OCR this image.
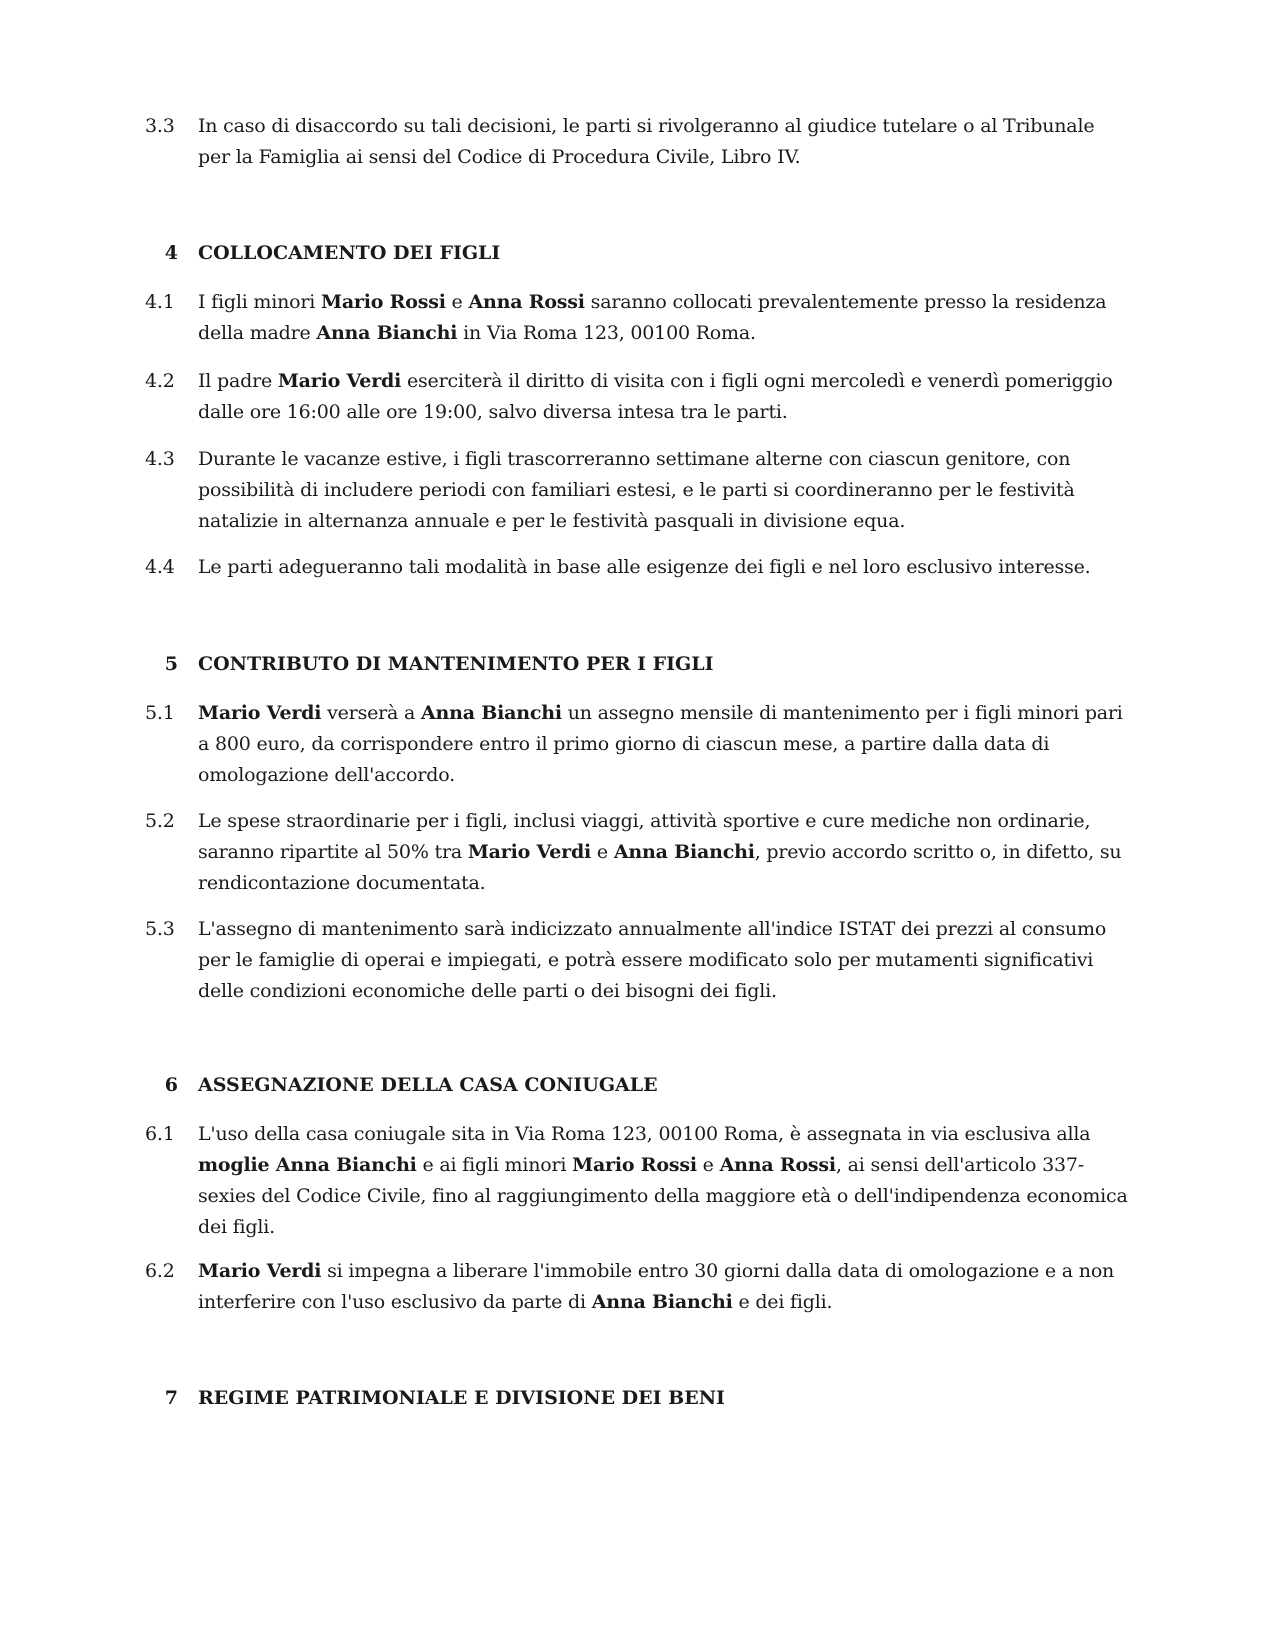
3.3	In caso di disaccordo su tali decisioni, le parti si rivolgeranno al giudice tutelare o al Tribunale per la Famiglia ai sensi del Codice di Procedura Civile, Libro IV.
4	COLLOCAMENTO DEI FIGLI
4.1	I figli minori Mario Rossi e Anna Rossi saranno collocati prevalentemente presso la residenza della madre Anna Bianchi in Via Roma 123, 00100 Roma.
4.2	Il padre Mario Verdi eserciterà il diritto di visita con i figli ogni mercoledì e venerdì pomeriggio dalle ore 16:00 alle ore 19:00, salvo diversa intesa tra le parti.
4.3	Durante le vacanze estive, i figli trascorreranno settimane alterne con ciascun genitore, con possibilità di includere periodi con familiari estesi, e le parti si coordineranno per le festività natalizie in alternanza annuale e per le festività pasquali in divisione equa.
4.4	Le parti adegueranno tali modalità in base alle esigenze dei figli e nel loro esclusivo interesse.
5	CONTRIBUTO DI MANTENIMENTO PER I FIGLI
5.1	Mario Verdi verserà a Anna Bianchi un assegno mensile di mantenimento per i figli minori pari a 800 euro, da corrispondere entro il primo giorno di ciascun mese, a partire dalla data di omologazione dell'accordo.
5.2	Le spese straordinarie per i figli, inclusi viaggi, attività sportive e cure mediche non ordinarie, saranno ripartite al 50% tra Mario Verdi e Anna Bianchi, previo accordo scritto o, in difetto, su rendicontazione documentata.
5.3	L'assegno di mantenimento sarà indicizzato annualmente all'indice ISTAT dei prezzi al consumo per le famiglie di operai e impiegati, e potrà essere modificato solo per mutamenti significativi delle condizioni economiche delle parti o dei bisogni dei figli.
6	ASSEGNAZIONE DELLA CASA CONIUGALE
6.1	L'uso della casa coniugale sita in Via Roma 123, 00100 Roma, è assegnata in via esclusiva alla moglie Anna Bianchi e ai figli minori Mario Rossi e Anna Rossi, ai sensi dell'articolo 337-sexies del Codice Civile, fino al raggiungimento della maggiore età o dell'indipendenza economica dei figli.
6.2	Mario Verdi si impegna a liberare l'immobile entro 30 giorni dalla data di omologazione e a non interferire con l'uso esclusivo da parte di Anna Bianchi e dei figli.
7	REGIME PATRIMONIALE E DIVISIONE DEI BENI
